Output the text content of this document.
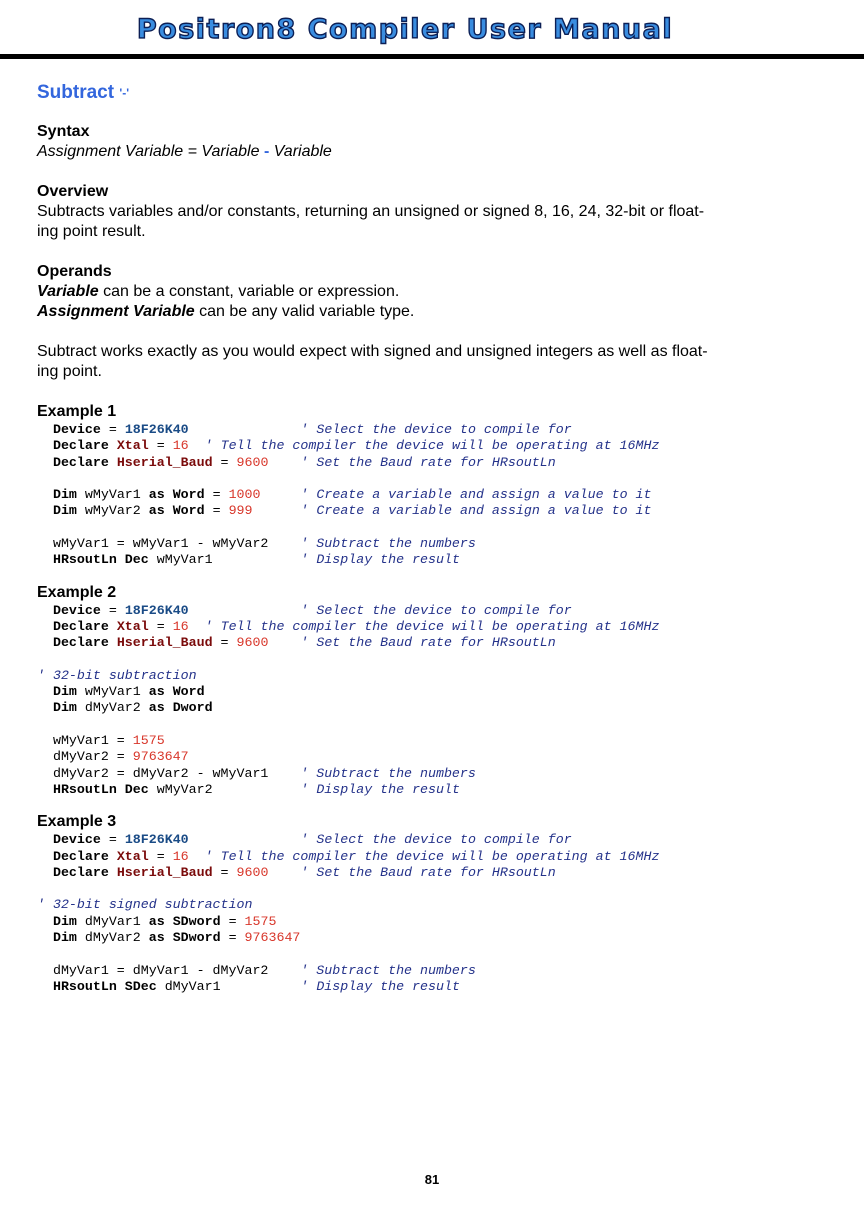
Positron8 Compiler User Manual
Subtract '-'
Syntax
Assignment Variable = Variable - Variable
Overview
Subtracts variables and/or constants, returning an unsigned or signed 8, 16, 24, 32-bit or float-
ing point result.
Operands
Variable can be a constant, variable or expression.
Assignment Variable can be any valid variable type.
Subtract works exactly as you would expect with signed and unsigned integers as well as float-
ing point.
Example 1
Device = 18F26K40	' Select the device to compile for
Declare Xtal = 16 ' Tell the compiler the device will be operating at 16MHz
Declare Hserial_Baud = 9600 ' Set the Baud rate for HRsoutLn

Dim wMyVar1 as Word = 1000	' Create a variable and assign a value to it
Dim wMyVar2 as Word = 999	' Create a variable and assign a value to it

wMyVar1 = wMyVar1 - wMyVar2    ' Subtract the numbers
HRsoutLn Dec wMyVar1           ' Display the result
Example 2
Device = 18F26K40	' Select the device to compile for
Declare Xtal = 16 ' Tell the compiler the device will be operating at 16MHz
Declare Hserial_Baud = 9600 ' Set the Baud rate for HRsoutLn

' 32-bit subtraction
Dim wMyVar1 as Word
Dim dMyVar2 as Dword

wMyVar1 = 1575
dMyVar2 = 9763647
dMyVar2 = dMyVar2 - wMyVar1    ' Subtract the numbers
HRsoutLn Dec wMyVar2           ' Display the result
Example 3
Device = 18F26K40	' Select the device to compile for
Declare Xtal = 16 ' Tell the compiler the device will be operating at 16MHz
Declare Hserial_Baud = 9600 ' Set the Baud rate for HRsoutLn

' 32-bit signed subtraction
Dim dMyVar1 as SDword = 1575
Dim dMyVar2 as SDword = 9763647

dMyVar1 = dMyVar1 - dMyVar2    ' Subtract the numbers
HRsoutLn SDec dMyVar1          ' Display the result
81
